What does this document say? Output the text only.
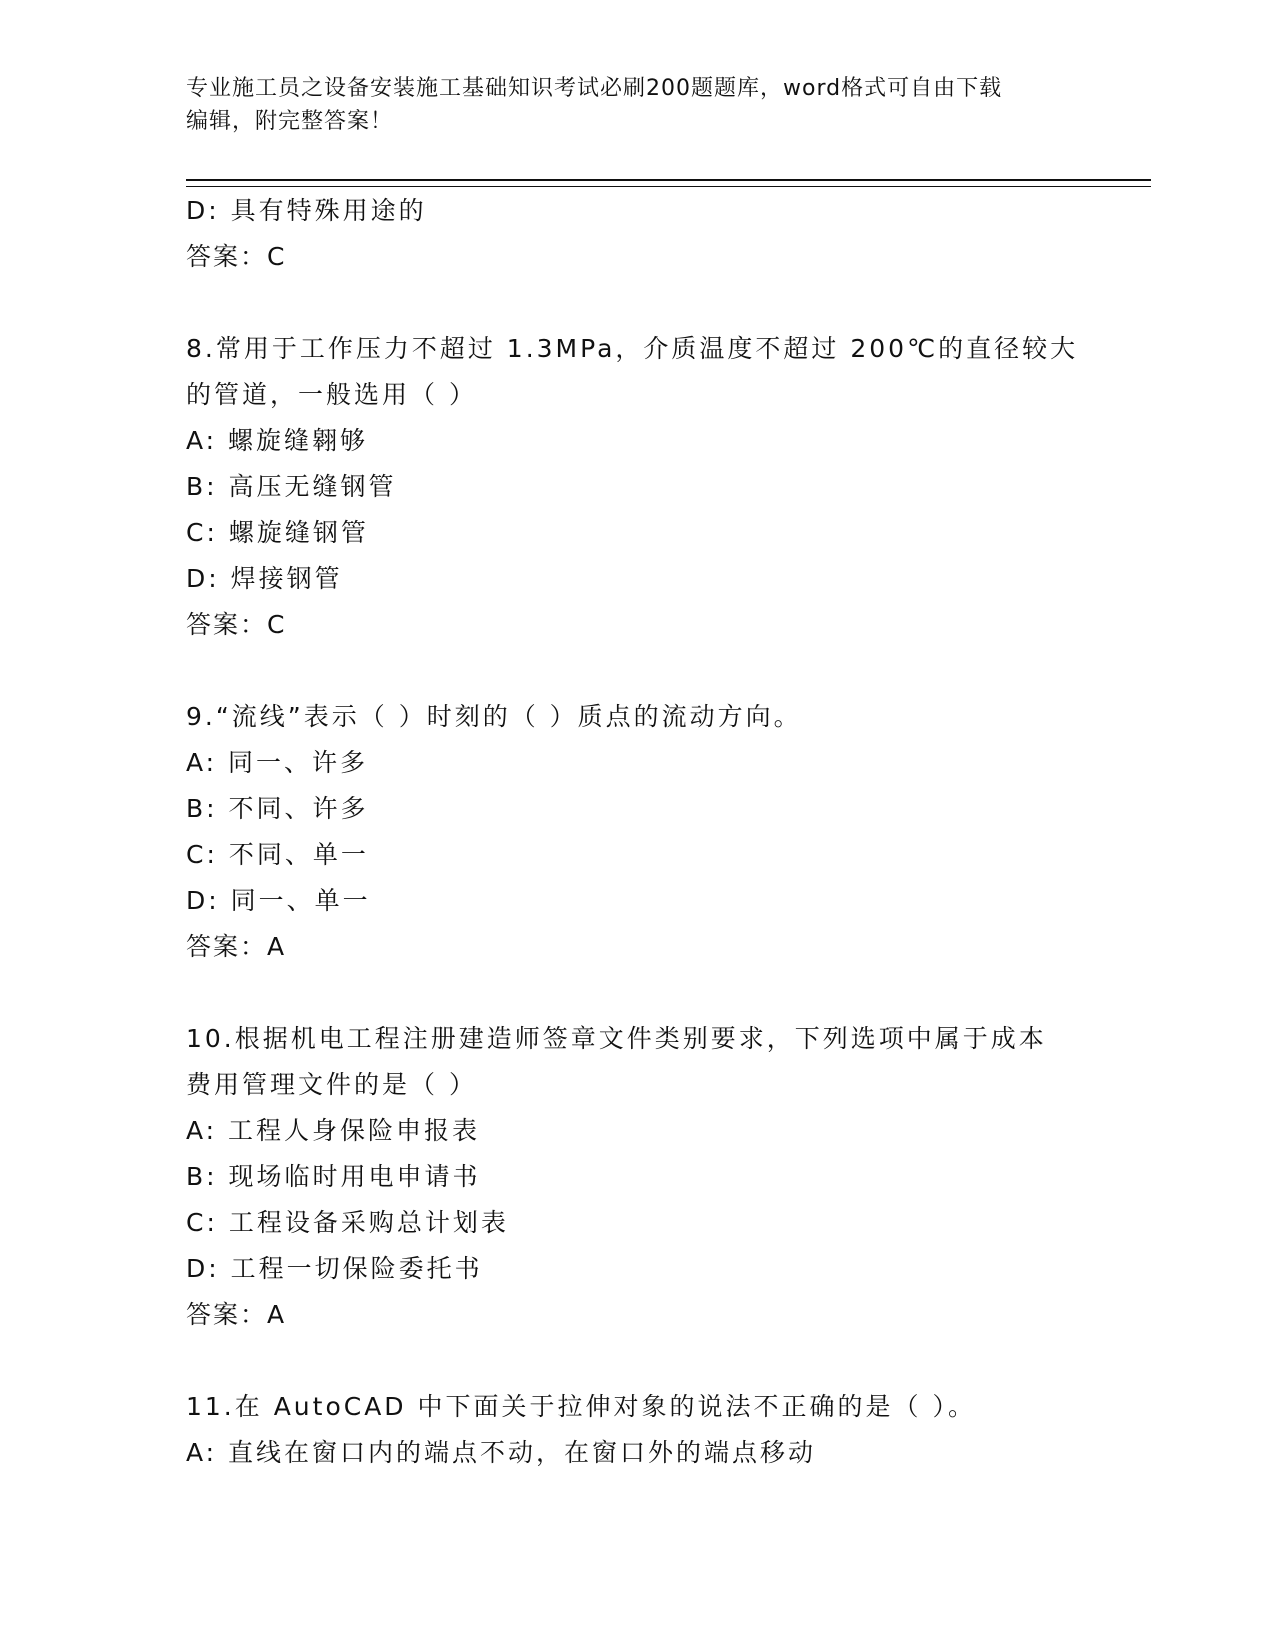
专业施工员之设备安装施工基础知识考试必刷200题题库，word格式可自由下载
编辑，附完整答案！
D: 具有特殊用途的
答案：C
8.常用于工作压力不超过 1.3MPa，介质温度不超过 200℃的直径较大
的管道，一般选用（ ）
A: 螺旋缝翱够
B: 高压无缝钢管
C: 螺旋缝钢管
D: 焊接钢管
答案：C
9.“流线”表示（ ）时刻的（ ）质点的流动方向。
A: 同一、许多
B: 不同、许多
C: 不同、单一
D: 同一、单一
答案：A
10.根据机电工程注册建造师签章文件类别要求，下列选项中属于成本
费用管理文件的是（ ）
A: 工程人身保险申报表
B: 现场临时用电申请书
C: 工程设备采购总计划表
D: 工程一切保险委托书
答案：A
11.在 AutoCAD 中下面关于拉伸对象的说法不正确的是（ ）。
A: 直线在窗口内的端点不动，在窗口外的端点移动
